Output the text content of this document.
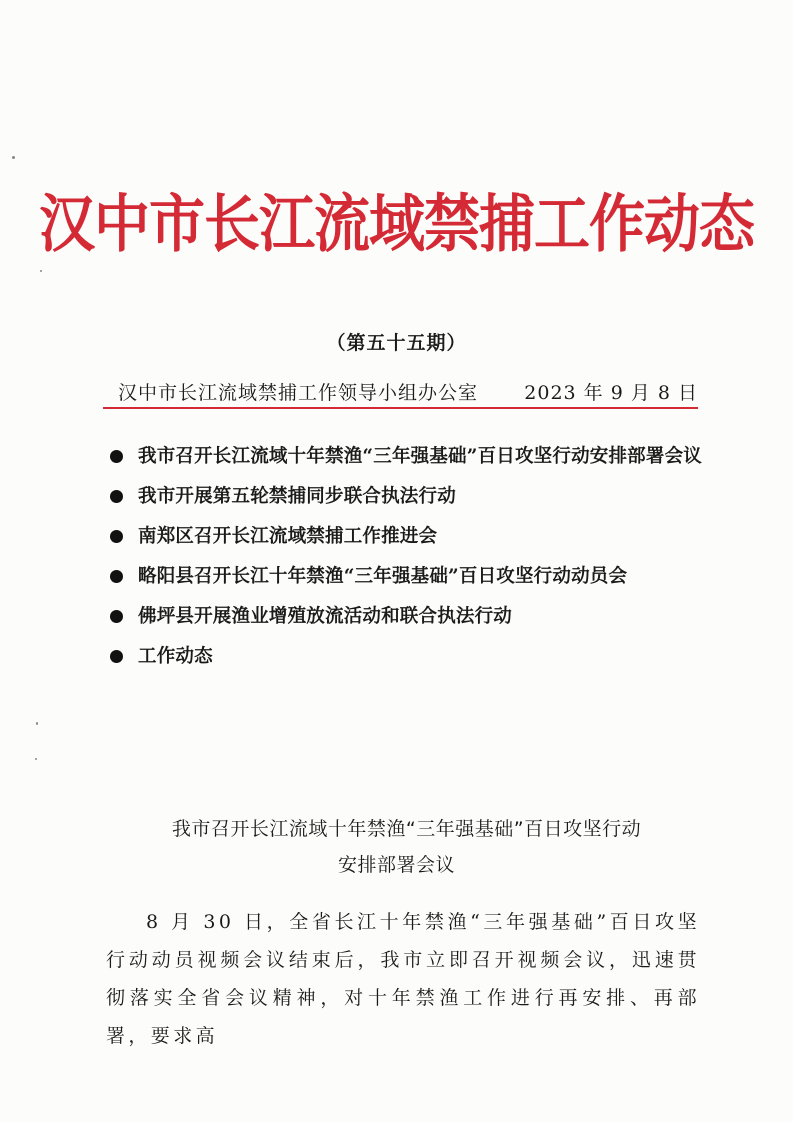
汉中市长江流域禁捕工作动态
（第五十五期）
汉中市长江流域禁捕工作领导小组办公室 2023 年 9 月 8 日
我市召开长江流域十年禁渔“三年强基础”百日攻坚行动安排部署会议
我市开展第五轮禁捕同步联合执法行动
南郑区召开长江流域禁捕工作推进会
略阳县召开长江十年禁渔“三年强基础”百日攻坚行动动员会
佛坪县开展渔业增殖放流活动和联合执法行动
工作动态
我市召开长江流域十年禁渔“三年强基础”百日攻坚行动
安排部署会议

8 月 30 日，全省长江十年禁渔“三年强基础”百日攻坚行动动员视频会议结束后，我市立即召开视频会议，迅速贯彻落实全省会议精神，对十年禁渔工作进行再安排、再部署，要求高
